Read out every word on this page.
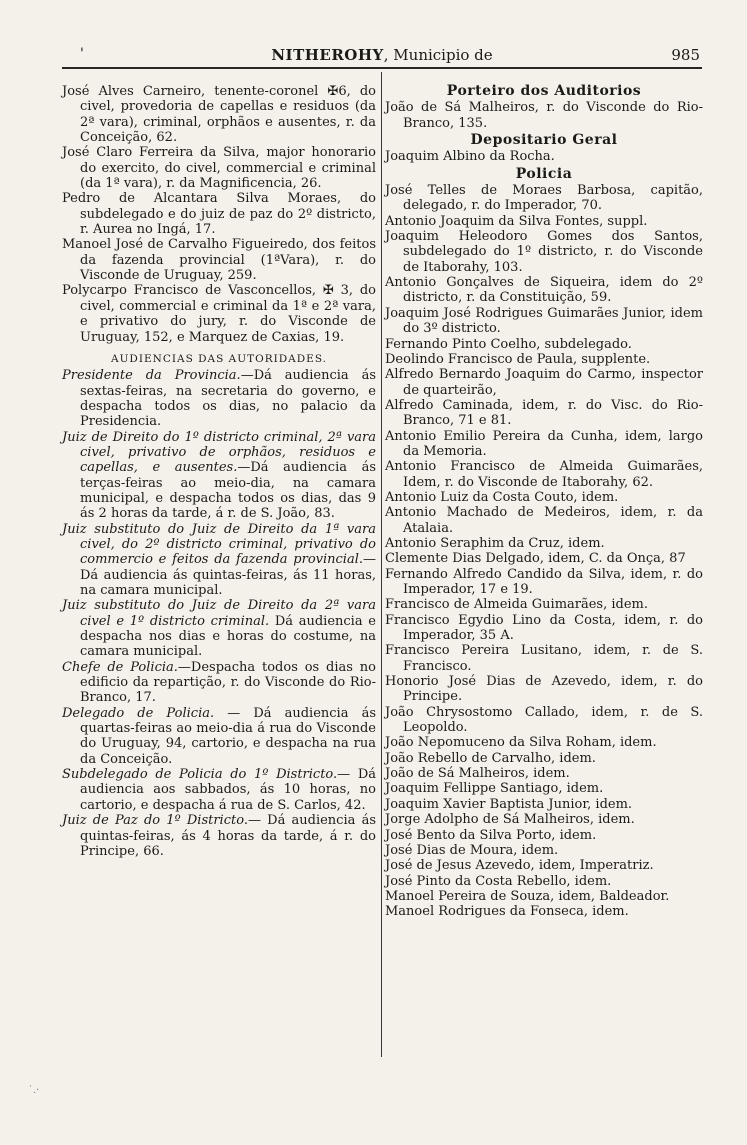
'	NITHEROHY, Municipio de	985

José Alves Carneiro, tenente-coronel ✠6, do civel, provedoria de capellas e residuos (da 2ª vara), criminal, orphãos e ausentes, r. da Conceição, 62.

José Claro Ferreira da Silva, major honorario do exercito, do civel, commercial e criminal (da 1ª vara), r. da Magnificencia, 26.

Pedro de Alcantara Silva Moraes, do subdelegado e do juiz de paz do 2º districto, r. Aurea no Ingá, 17.

Manoel José de Carvalho Figueiredo, dos feitos da fazenda provincial (1ªVara), r. do Visconde de Uruguay, 259.

Polycarpo Francisco de Vasconcellos, ✠ 3, do civel, commercial e criminal da 1ª e 2ª vara, e privativo do jury, r. do Visconde de Uruguay, 152, e Marquez de Caxias, 19.

AUDIENCIAS DAS AUTORIDADES.

Presidente da Provincia.—Dá audiencia ás sextas-feiras, na secretaria do governo, e despacha todos os dias, no palacio da Presidencia.

Juiz de Direito do 1º districto criminal, 2ª vara civel, privativo de orphãos, residuos e capellas, e ausentes.—Dá audiencia ás terças-feiras ao meio-dia, na camara municipal, e despacha todos os dias, das 9 ás 2 horas da tarde, á r. de S. João, 83.

Juiz substituto do Juiz de Direito da 1ª vara civel, do 2º districto criminal, privativo do commercio e feitos da fazenda provincial.— Dá audiencia ás quintas-feiras, ás 11 horas, na camara municipal.

Juiz substituto do Juiz de Direito da 2ª vara civel e 1º districto criminal. Dá audiencia e despacha nos dias e horas do costume, na camara municipal.

Chefe de Policia.—Despacha todos os dias no edificio da repartição, r. do Visconde do Rio-Branco, 17.

Delegado de Policia. — Dá audiencia ás quartas-feiras ao meio-dia á rua do Visconde do Uruguay, 94, cartorio, e despacha na rua da Conceição.

Subdelegado de Policia do 1º Districto.— Dá audiencia aos sabbados, ás 10 horas, no cartorio, e despacha á rua de S. Carlos, 42.

Juiz de Paz do 1º Districto.— Dá audiencia ás quintas-feiras, ás 4 horas da tarde, á r. do Principe, 66.

Porteiro dos Auditorios

João de Sá Malheiros, r. do Visconde do Rio-Branco, 135.

Depositario Geral

Joaquim Albino da Rocha.

Policia

José Telles de Moraes Barbosa, capitão, delegado, r. do Imperador, 70.

Antonio Joaquim da Silva Fontes, suppl.

Joaquim Heleodoro Gomes dos Santos, subdelegado do 1º districto, r. do Visconde de Itaborahy, 103.

Antonio Gonçalves de Siqueira, idem do 2º districto, r. da Constituição, 59.

Joaquim José Rodrigues Guimarães Junior, idem do 3º districto.

Fernando Pinto Coelho, subdelegado.

Deolindo Francisco de Paula, supplente.

Alfredo Bernardo Joaquim do Carmo, inspector de quarteirão,

Alfredo Caminada, idem, r. do Visc. do Rio-Branco, 71 e 81.

Antonio Emilio Pereira da Cunha, idem, largo da Memoria.

Antonio Francisco de Almeida Guimarães, Idem, r. do Visconde de Itaborahy, 62.

Antonio Luiz da Costa Couto, idem.

Antonio Machado de Medeiros, idem, r. da Atalaia.

Antonio Seraphim da Cruz, idem.

Clemente Dias Delgado, idem, C. da Onça, 87

Fernando Alfredo Candido da Silva, idem, r. do Imperador, 17 e 19.

Francisco de Almeida Guimarães, idem.

Francisco Egydio Lino da Costa, idem, r. do Imperador, 35 A.

Francisco Pereira Lusitano, idem, r. de S. Francisco.

Honorio José Dias de Azevedo, idem, r. do Principe.

João Chrysostomo Callado, idem, r. de S. Leopoldo.

João Nepomuceno da Silva Roham, idem.

João Rebello de Carvalho, idem.

João de Sá Malheiros, idem.

Joaquim Fellippe Santiago, idem.

Joaquim Xavier Baptista Junior, idem.

Jorge Adolpho de Sá Malheiros, idem.

José Bento da Silva Porto, idem.

José Dias de Moura, idem.

José de Jesus Azevedo, idem, Imperatriz.

José Pinto da Costa Rebello, idem.

Manoel Pereira de Souza, idem, Baldeador.

Manoel Rodrigues da Fonseca, idem.

˙.·
